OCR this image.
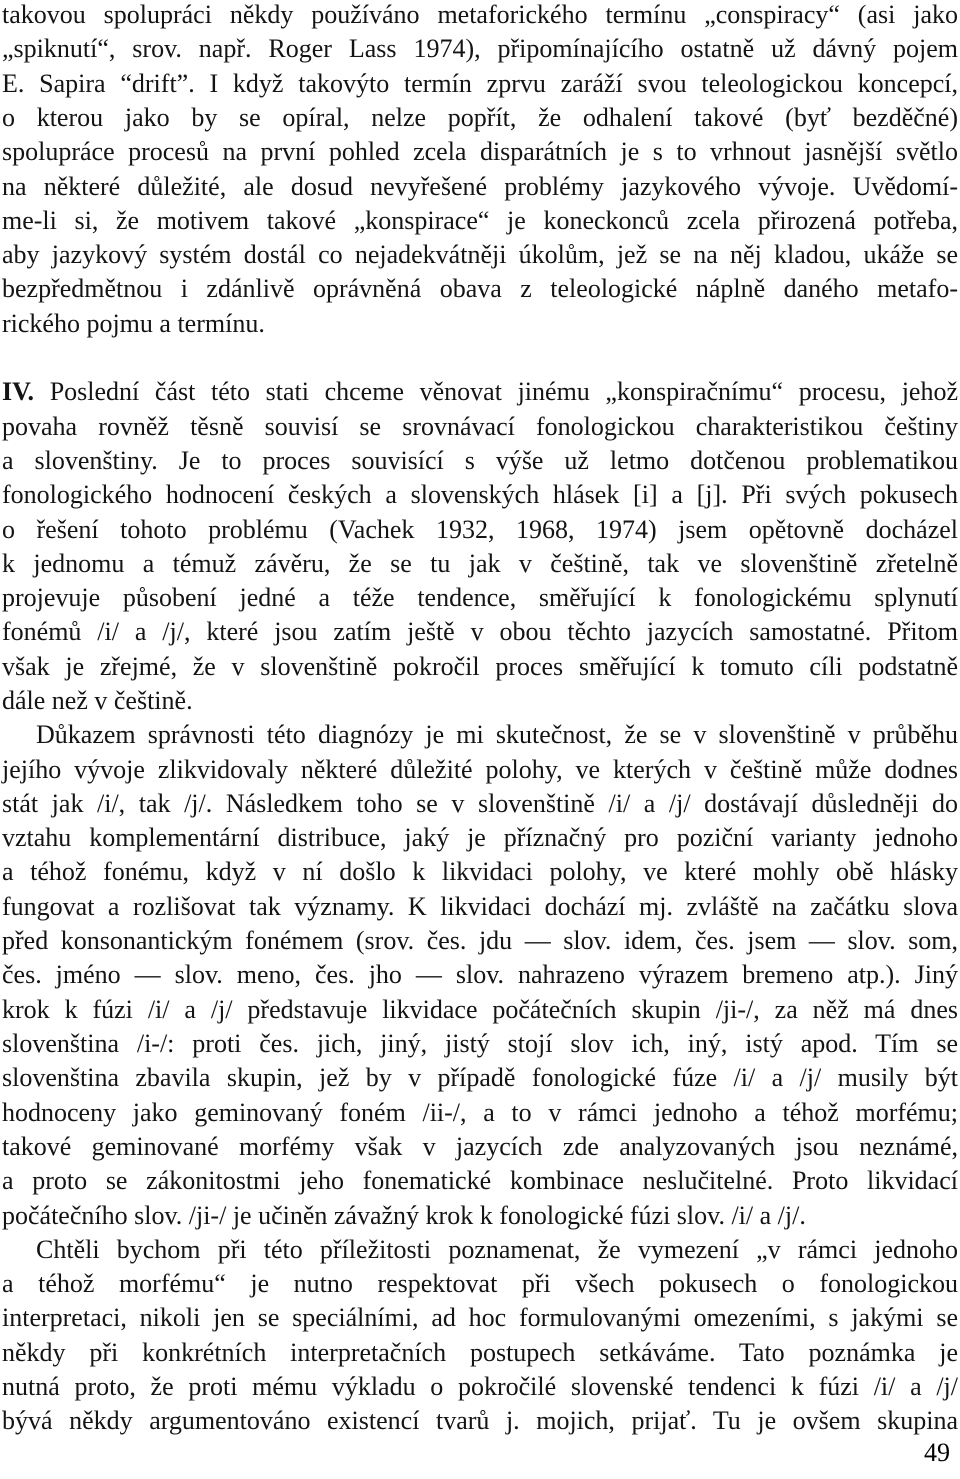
takovou spolupráci někdy používáno metaforického termínu „conspiracy“ (asi jako
„spiknutí“, srov. např. Roger Lass 1974), připomínajícího ostatně už dávný pojem
E. Sapira “drift”. I když takovýto termín zprvu zaráží svou teleologickou koncepcí,
o kterou jako by se opíral, nelze popřít, že odhalení takové (byť bezděčné)
spolupráce procesů na první pohled zcela disparátních je s to vrhnout jasnější světlo
na některé důležité, ale dosud nevyřešené problémy jazykového vývoje. Uvědomí-
me-li si, že motivem takové „konspirace“ je koneckonců zcela přirozená potřeba,
aby jazykový systém dostál co nejadekvátněji úkolům, jež se na něj kladou, ukáže se
bezpředmětnou i zdánlivě oprávněná obava z teleologické náplně daného metafo-
rického pojmu a termínu.
IV. Poslední část této stati chceme věnovat jinému „konspiračnímu“ procesu, jehož
povaha rovněž těsně souvisí se srovnávací fonologickou charakteristikou češtiny
a slovenštiny. Je to proces souvisící s výše už letmo dotčenou problematikou
fonologického hodnocení českých a slovenských hlásek [i] a [j]. Při svých pokusech
o řešení tohoto problému (Vachek 1932, 1968, 1974) jsem opětovně docházel
k jednomu a témuž závěru, že se tu jak v češtině, tak ve slovenštině zřetelně
projevuje působení jedné a téže tendence, směřující k fonologickému splynutí
fonémů /i/ a /j/, které jsou zatím ještě v obou těchto jazycích samostatné. Přitom
však je zřejmé, že v slovenštině pokročil proces směřující k tomuto cíli podstatně
dále než v češtině.
Důkazem správnosti této diagnózy je mi skutečnost, že se v slovenštině v průběhu
jejího vývoje zlikvidovaly některé důležité polohy, ve kterých v češtině může dodnes
stát jak /i/, tak /j/. Následkem toho se v slovenštině /i/ a /j/ dostávají důsledněji do
vztahu komplementární distribuce, jaký je příznačný pro poziční varianty jednoho
a téhož fonému, když v ní došlo k likvidaci polohy, ve které mohly obě hlásky
fungovat a rozlišovat tak významy. K likvidaci dochází mj. zvláště na začátku slova
před konsonantickým fonémem (srov. čes. jdu — slov. idem, čes. jsem — slov. som,
čes. jméno — slov. meno, čes. jho — slov. nahrazeno výrazem bremeno atp.). Jiný
krok k fúzi /i/ a /j/ představuje likvidace počátečních skupin /ji-/, za něž má dnes
slovenština /i-/: proti čes. jich, jiný, jistý stojí slov ich, iný, istý apod. Tím se
slovenština zbavila skupin, jež by v případě fonologické fúze /i/ a /j/ musily být
hodnoceny jako geminovaný foném /ii-/, a to v rámci jednoho a téhož morfému;
takové geminované morfémy však v jazycích zde analyzovaných jsou neznámé,
a proto se zákonitostmi jeho fonematické kombinace neslučitelné. Proto likvidací
počátečního slov. /ji-/ je učiněn závažný krok k fonologické fúzi slov. /i/ a /j/.
Chtěli bychom při této příležitosti poznamenat, že vymezení „v rámci jednoho
a téhož morfému“ je nutno respektovat při všech pokusech o fonologickou
interpretaci, nikoli jen se speciálními, ad hoc formulovanými omezeními, s jakými se
někdy při konkrétních interpretačních postupech setkáváme. Tato poznámka je
nutná proto, že proti mému výkladu o pokročilé slovenské tendenci k fúzi /i/ a /j/
bývá někdy argumentováno existencí tvarů j. mojich, prijať. Tu je ovšem skupina
49
